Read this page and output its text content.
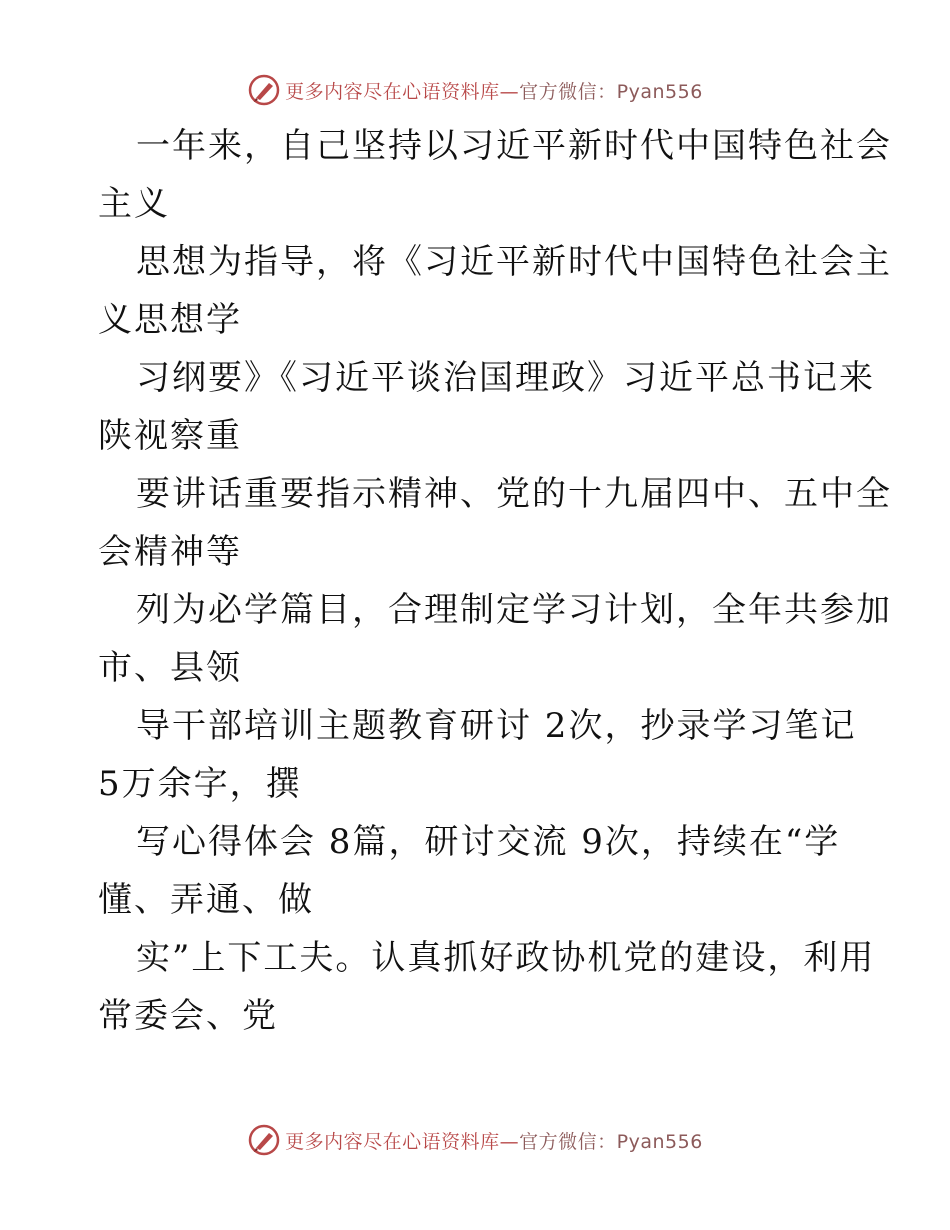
更多内容尽在心语资料库—官方微信：Pyan556
一年来，自己坚持以习近平新时代中国特色社会
主义
思想为指导，将《习近平新时代中国特色社会主
义思想学
习纲要》《习近平谈治国理政》习近平总书记来
陕视察重
要讲话重要指示精神、党的十九届四中、五中全
会精神等
列为必学篇目，合理制定学习计划，全年共参加
市、县领
导干部培训主题教育研讨 2次，抄录学习笔记
5万余字，撰
写心得体会 8篇，研讨交流 9次，持续在“学
懂、弄通、做
实”上下工夫。认真抓好政协机党的建设，利用
常委会、党
更多内容尽在心语资料库—官方微信：Pyan556
